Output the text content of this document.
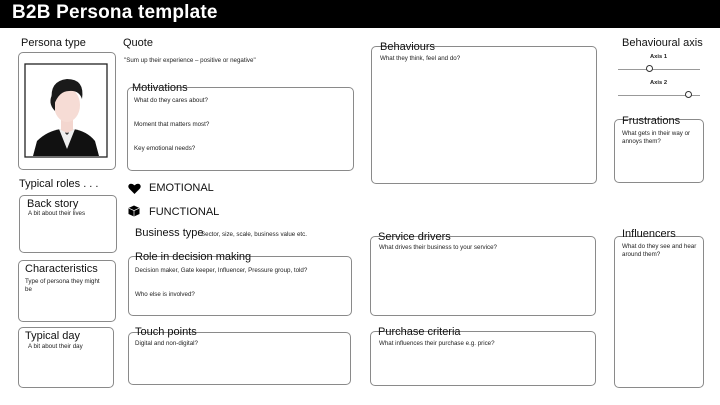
B2B Persona template
Persona type
Typical roles . . .
Back story
A bit about their lives
Characteristics
Type of persona they might be
Typical day
A bit about their day
Quote
"Sum up their experience – positive or negative"
Motivations
What do they cares about?
Moment that matters most?
Key emotional needs?
Behaviours
What they think, feel and do?
Behavioural axis
Axis 1
Axis 2
Frustrations
What gets in their way or annoys them?
EMOTIONAL
FUNCTIONAL
Business type
Sector, size, scale, business value etc.
Role in decision making
Decision maker, Gate keeper, Influencer, Pressure group, told?
Who else is involved?
Touch points
Digital and non-digital?
Service drivers
What drives their business to your service?
Purchase criteria
What influences their purchase e.g. price?
Influencers
What do they see and hear around them?
